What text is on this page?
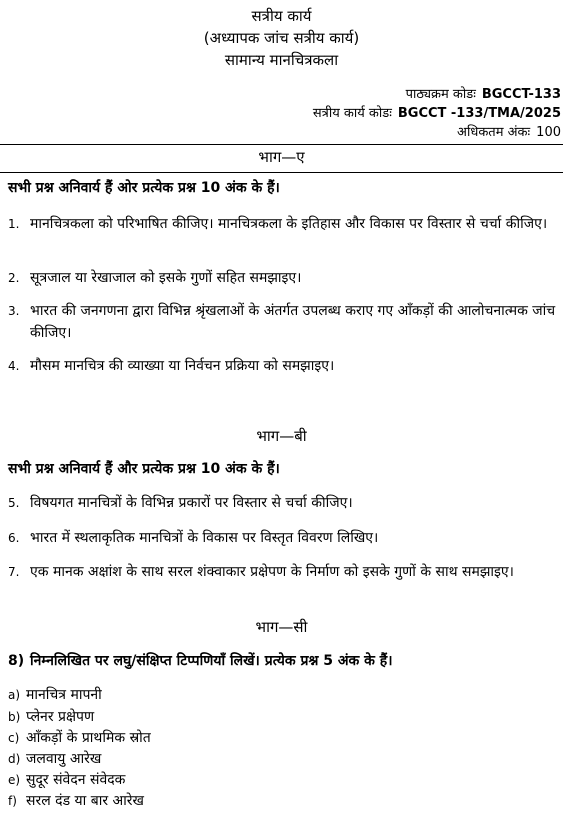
सत्रीय कार्य
(अध्यापक जांच सत्रीय कार्य)
सामान्य मानचित्रकला
पाठ्यक्रम कोडः BGCCT-133
सत्रीय कार्य कोडः BGCCT -133/TMA/2025
अधिकतम अंकः 100
भाग—ए
सभी प्रश्न अनिवार्य हैं ओर प्रत्येक प्रश्न 10 अंक के हैं।
1. मानचित्रकला को परिभाषित कीजिए। मानचित्रकला के इतिहास और विकास पर विस्तार से चर्चा कीजिए।
2. सूत्रजाल या रेखाजाल को इसके गुणों सहित समझाइए।
3. भारत की जनगणना द्वारा विभिन्न श्रृंखलाओं के अंतर्गत उपलब्ध कराए गए आँकड़ों की आलोचनात्मक जांच कीजिए।
4. मौसम मानचित्र की व्याख्या या निर्वचन प्रक्रिया को समझाइए।
भाग—बी
सभी प्रश्न अनिवार्य हैं और प्रत्येक प्रश्न 10 अंक के हैं।
5. विषयगत मानचित्रों के विभिन्न प्रकारों पर विस्तार से चर्चा कीजिए।
6. भारत में स्थलाकृतिक मानचित्रों के विकास पर विस्तृत विवरण लिखिए।
7. एक मानक अक्षांश के साथ सरल शंक्वाकार प्रक्षेपण के निर्माण को इसके गुणों के साथ समझाइए।
भाग—सी
8) निम्नलिखित पर लघु/संक्षिप्त टिप्पणियाँ लिखें। प्रत्येक प्रश्न 5 अंक के हैं।
a) मानचित्र मापनी
b) प्लेनर प्रक्षेपण
c) आँकड़ों के प्राथमिक स्रोत
d) जलवायु आरेख
e) सुदूर संवेदन संवेदक
f) सरल दंड या बार आरेख
